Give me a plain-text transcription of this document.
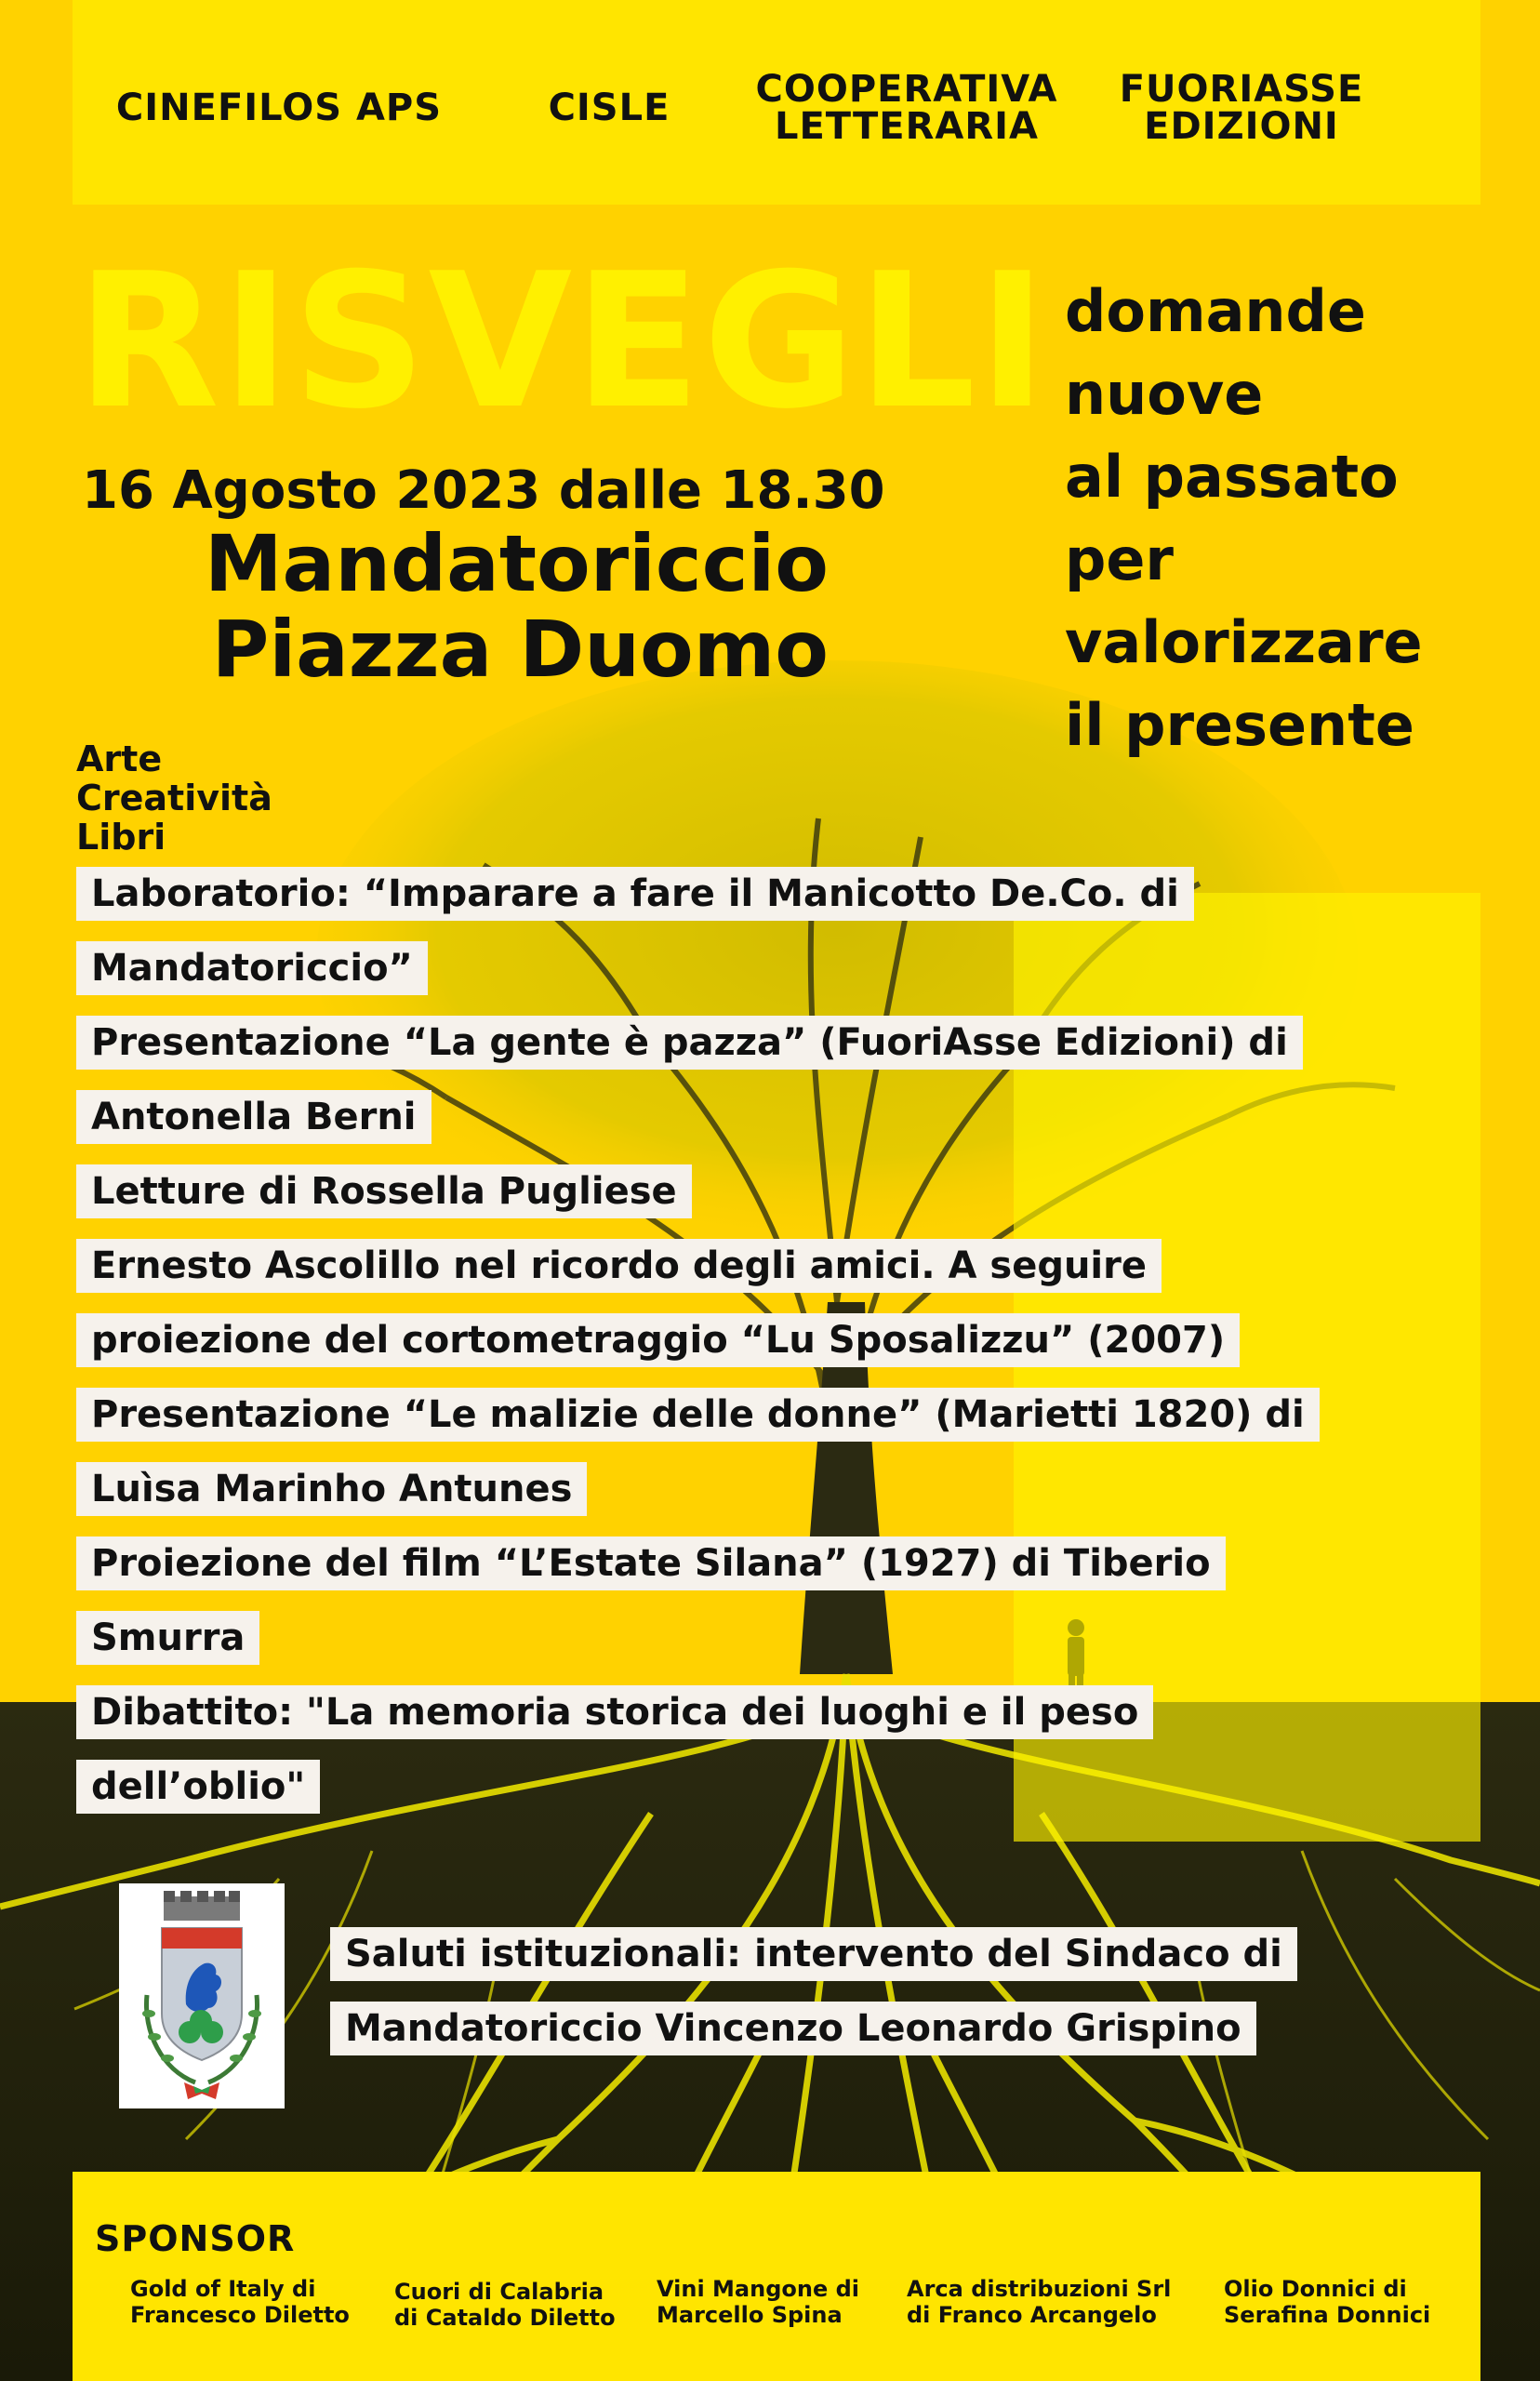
CINEFILOS APS	CISLE	COOPERATIVA
LETTERARIA
FUORIASSE
EDIZIONI
RISVEGLI
16 Agosto 2023 dalle 18.30
Mandatoriccio
Piazza Duomo
domande
nuove
al passato
per
valorizzare
il presente
Arte
Creatività
Libri
Laboratorio: “Imparare a fare il Manicotto De.Co. di
Mandatoriccio”
Presentazione “La gente è pazza” (FuoriAsse Edizioni) di
Antonella Berni
Letture di Rossella Pugliese
Ernesto Ascolillo nel ricordo degli amici. A seguire
proiezione del cortometraggio “Lu Sposalizzu” (2007)
Presentazione “Le malizie delle donne” (Marietti 1820) di
Luìsa Marinho Antunes
Proiezione del film “L’Estate Silana” (1927) di Tiberio
Smurra
Dibattito: "La memoria storica dei luoghi e il peso
dell’oblio"
Saluti istituzionali: intervento del Sindaco di
Mandatoriccio Vincenzo Leonardo Grispino
SPONSOR
Gold of Italy di
Francesco Diletto
Cuori di Calabria
di Cataldo Diletto
Vini Mangone di
Marcello Spina
Arca distribuzioni Srl
di Franco Arcangelo
Olio Donnici di
Serafina Donnici
